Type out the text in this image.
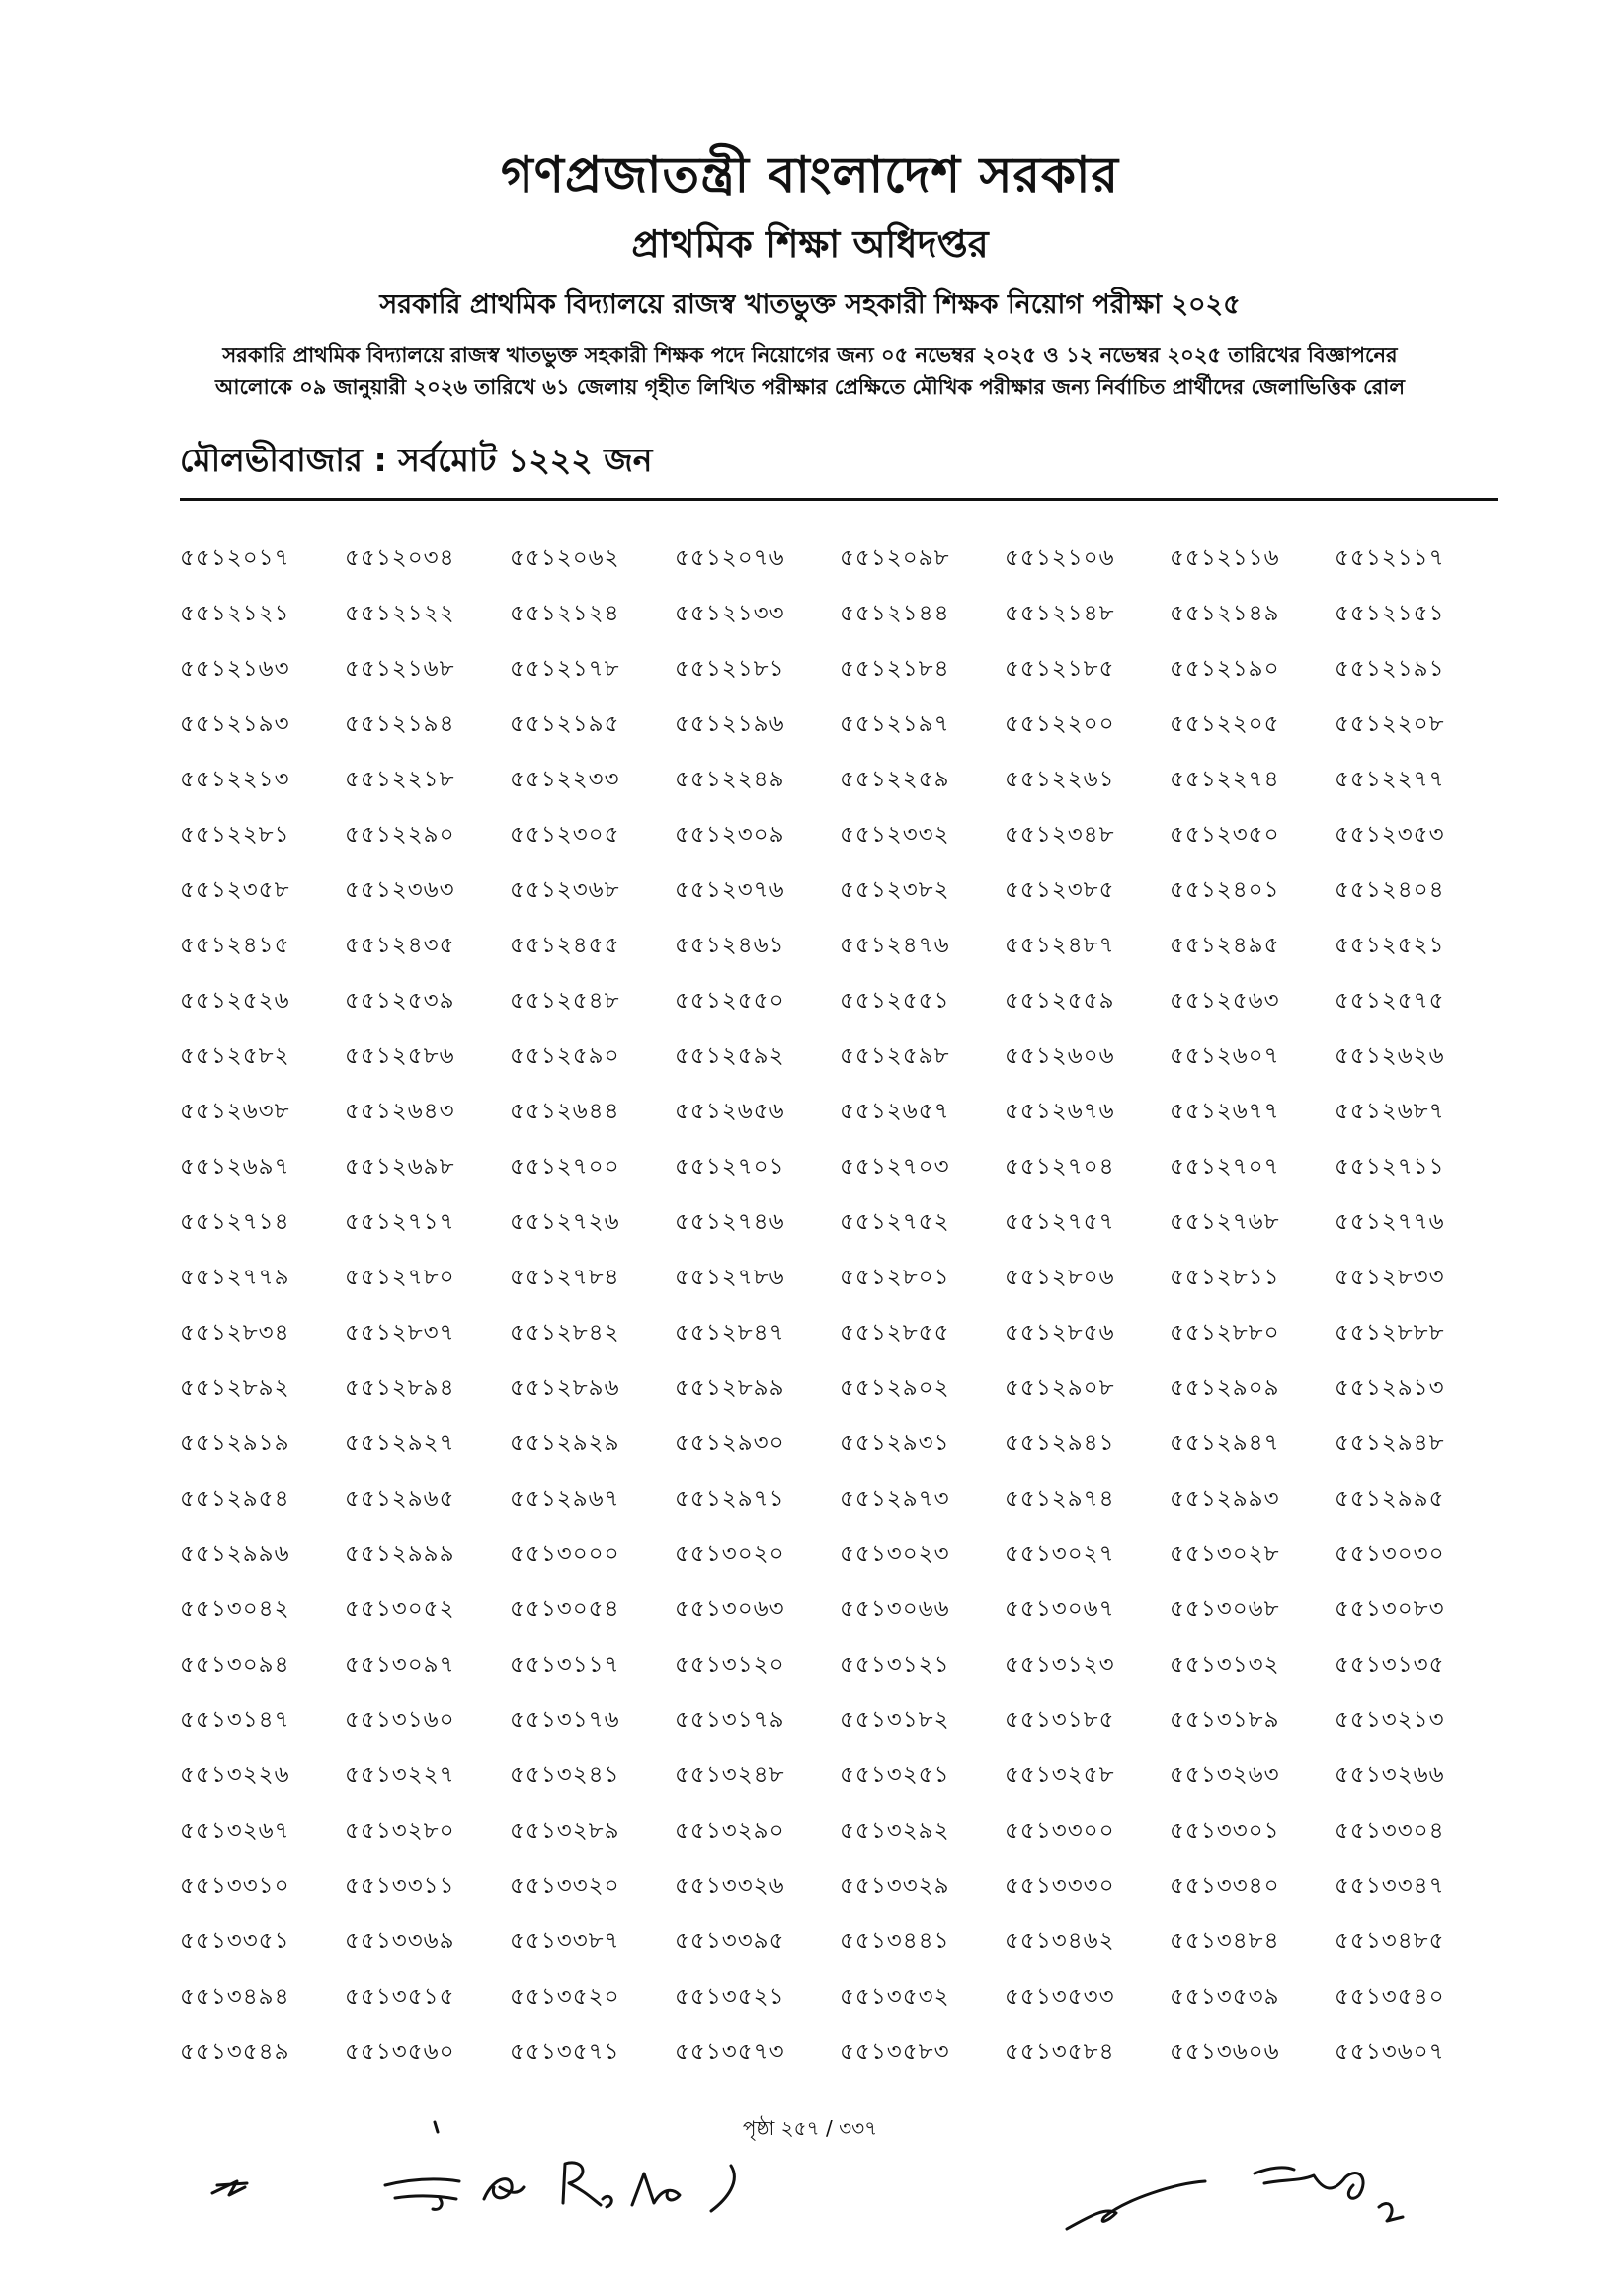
গণপ্রজাতন্ত্রী বাংলাদেশ সরকার
প্রাথমিক শিক্ষা অধিদপ্তর
সরকারি প্রাথমিক বিদ্যালয়ে রাজস্ব খাতভুক্ত সহকারী শিক্ষক নিয়োগ পরীক্ষা ২০২৫
সরকারি প্রাথমিক বিদ্যালয়ে রাজস্ব খাতভুক্ত সহকারী শিক্ষক পদে নিয়োগের জন্য ০৫ নভেম্বর ২০২৫ ও ১২ নভেম্বর ২০২৫ তারিখের বিজ্ঞাপনের
আলোকে ০৯ জানুয়ারী ২০২৬ তারিখে ৬১ জেলায় গৃহীত লিখিত পরীক্ষার প্রেক্ষিতে মৌখিক পরীক্ষার জন্য নির্বাচিত প্রার্থীদের জেলাভিত্তিক রোল
মৌলভীবাজার : সর্বমোট ১২২২ জন
৫৫১২০১৭	৫৫১২০৩৪	৫৫১২০৬২	৫৫১২০৭৬	৫৫১২০৯৮	৫৫১২১০৬	৫৫১২১১৬	৫৫১২১১৭
৫৫১২১২১	৫৫১২১২২	৫৫১২১২৪	৫৫১২১৩৩	৫৫১২১৪৪	৫৫১২১৪৮	৫৫১২১৪৯	৫৫১২১৫১
৫৫১২১৬৩	৫৫১২১৬৮	৫৫১২১৭৮	৫৫১২১৮১	৫৫১২১৮৪	৫৫১২১৮৫	৫৫১২১৯০	৫৫১২১৯১
৫৫১২১৯৩	৫৫১২১৯৪	৫৫১২১৯৫	৫৫১২১৯৬	৫৫১২১৯৭	৫৫১২২০০	৫৫১২২০৫	৫৫১২২০৮
৫৫১২২১৩	৫৫১২২১৮	৫৫১২২৩৩	৫৫১২২৪৯	৫৫১২২৫৯	৫৫১২২৬১	৫৫১২২৭৪	৫৫১২২৭৭
৫৫১২২৮১	৫৫১২২৯০	৫৫১২৩০৫	৫৫১২৩০৯	৫৫১২৩৩২	৫৫১২৩৪৮	৫৫১২৩৫০	৫৫১২৩৫৩
৫৫১২৩৫৮	৫৫১২৩৬৩	৫৫১২৩৬৮	৫৫১২৩৭৬	৫৫১২৩৮২	৫৫১২৩৮৫	৫৫১২৪০১	৫৫১২৪০৪
৫৫১২৪১৫	৫৫১২৪৩৫	৫৫১২৪৫৫	৫৫১২৪৬১	৫৫১২৪৭৬	৫৫১২৪৮৭	৫৫১২৪৯৫	৫৫১২৫২১
৫৫১২৫২৬	৫৫১২৫৩৯	৫৫১২৫৪৮	৫৫১২৫৫০	৫৫১২৫৫১	৫৫১২৫৫৯	৫৫১২৫৬৩	৫৫১২৫৭৫
৫৫১২৫৮২	৫৫১২৫৮৬	৫৫১২৫৯০	৫৫১২৫৯২	৫৫১২৫৯৮	৫৫১২৬০৬	৫৫১২৬০৭	৫৫১২৬২৬
৫৫১২৬৩৮	৫৫১২৬৪৩	৫৫১২৬৪৪	৫৫১২৬৫৬	৫৫১২৬৫৭	৫৫১২৬৭৬	৫৫১২৬৭৭	৫৫১২৬৮৭
৫৫১২৬৯৭	৫৫১২৬৯৮	৫৫১২৭০০	৫৫১২৭০১	৫৫১২৭০৩	৫৫১২৭০৪	৫৫১২৭০৭	৫৫১২৭১১
৫৫১২৭১৪	৫৫১২৭১৭	৫৫১২৭২৬	৫৫১২৭৪৬	৫৫১২৭৫২	৫৫১২৭৫৭	৫৫১২৭৬৮	৫৫১২৭৭৬
৫৫১২৭৭৯	৫৫১২৭৮০	৫৫১২৭৮৪	৫৫১২৭৮৬	৫৫১২৮০১	৫৫১২৮০৬	৫৫১২৮১১	৫৫১২৮৩৩
৫৫১২৮৩৪	৫৫১২৮৩৭	৫৫১২৮৪২	৫৫১২৮৪৭	৫৫১২৮৫৫	৫৫১২৮৫৬	৫৫১২৮৮০	৫৫১২৮৮৮
৫৫১২৮৯২	৫৫১২৮৯৪	৫৫১২৮৯৬	৫৫১২৮৯৯	৫৫১২৯০২	৫৫১২৯০৮	৫৫১২৯০৯	৫৫১২৯১৩
৫৫১২৯১৯	৫৫১২৯২৭	৫৫১২৯২৯	৫৫১২৯৩০	৫৫১২৯৩১	৫৫১২৯৪১	৫৫১২৯৪৭	৫৫১২৯৪৮
৫৫১২৯৫৪	৫৫১২৯৬৫	৫৫১২৯৬৭	৫৫১২৯৭১	৫৫১২৯৭৩	৫৫১২৯৭৪	৫৫১২৯৯৩	৫৫১২৯৯৫
৫৫১২৯৯৬	৫৫১২৯৯৯	৫৫১৩০০০	৫৫১৩০২০	৫৫১৩০২৩	৫৫১৩০২৭	৫৫১৩০২৮	৫৫১৩০৩০
৫৫১৩০৪২	৫৫১৩০৫২	৫৫১৩০৫৪	৫৫১৩০৬৩	৫৫১৩০৬৬	৫৫১৩০৬৭	৫৫১৩০৬৮	৫৫১৩০৮৩
৫৫১৩০৯৪	৫৫১৩০৯৭	৫৫১৩১১৭	৫৫১৩১২০	৫৫১৩১২১	৫৫১৩১২৩	৫৫১৩১৩২	৫৫১৩১৩৫
৫৫১৩১৪৭	৫৫১৩১৬০	৫৫১৩১৭৬	৫৫১৩১৭৯	৫৫১৩১৮২	৫৫১৩১৮৫	৫৫১৩১৮৯	৫৫১৩২১৩
৫৫১৩২২৬	৫৫১৩২২৭	৫৫১৩২৪১	৫৫১৩২৪৮	৫৫১৩২৫১	৫৫১৩২৫৮	৫৫১৩২৬৩	৫৫১৩২৬৬
৫৫১৩২৬৭	৫৫১৩২৮০	৫৫১৩২৮৯	৫৫১৩২৯০	৫৫১৩২৯২	৫৫১৩৩০০	৫৫১৩৩০১	৫৫১৩৩০৪
৫৫১৩৩১০	৫৫১৩৩১১	৫৫১৩৩২০	৫৫১৩৩২৬	৫৫১৩৩২৯	৫৫১৩৩৩০	৫৫১৩৩৪০	৫৫১৩৩৪৭
৫৫১৩৩৫১	৫৫১৩৩৬৯	৫৫১৩৩৮৭	৫৫১৩৩৯৫	৫৫১৩৪৪১	৫৫১৩৪৬২	৫৫১৩৪৮৪	৫৫১৩৪৮৫
৫৫১৩৪৯৪	৫৫১৩৫১৫	৫৫১৩৫২০	৫৫১৩৫২১	৫৫১৩৫৩২	৫৫১৩৫৩৩	৫৫১৩৫৩৯	৫৫১৩৫৪০
৫৫১৩৫৪৯	৫৫১৩৫৬০	৫৫১৩৫৭১	৫৫১৩৫৭৩	৫৫১৩৫৮৩	৫৫১৩৫৮৪	৫৫১৩৬০৬	৫৫১৩৬০৭
পৃষ্ঠা ২৫৭ / ৩৩৭
